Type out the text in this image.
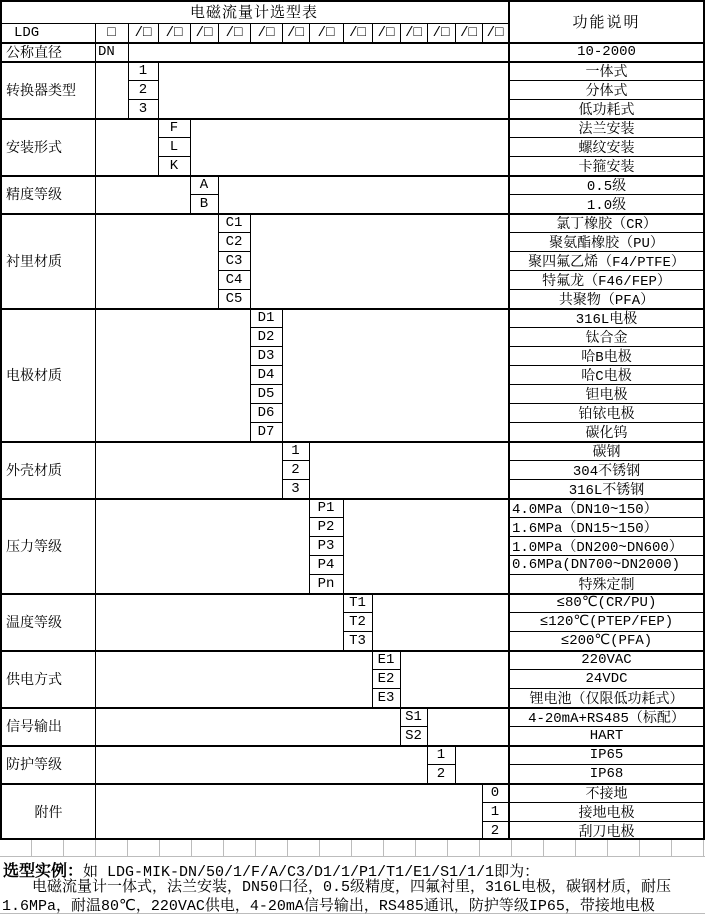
LDG	□	/□	/□ /□ /□	/□ /□ /□	/□ /□ /□ /□ /□ /□
公称直径	DN	10-2000
转换器类型
1	一体式
2	分体式
3	低功耗式
安装形式
F	法兰安装
L	螺纹安装
K	卡箍安装
精度等级
A	0.5级
B	1.0级
衬里材质
C1	氯丁橡胶（CR）
C2	聚氨酯橡胶（PU）
C3	聚四氟乙烯（F4/PTFE）
C4	特氟龙（F46/FEP）
C5	共聚物（PFA）
电极材质
D1	316L电极
D2	钛合金
D3	哈B电极
D4	哈C电极
D5	钽电极
D6	铂铱电极
D7	碳化钨
外壳材质
1	碳钢
2	304不锈钢
3	316L不锈钢
压力等级
P1	4.0MPa（DN10~150）
P2	1.6MPa（DN15~150）
P3	1.0MPa（DN200~DN600）
P4	0.6MPa(DN700~DN2000)
Pn	特殊定制
温度等级
T1	≤80℃(CR/PU)
T2	≤120℃(PTEP/FEP)
T3	≤200℃(PFA)
供电方式
E1	220VAC
E2	24VDC
E3	锂电池（仅限低功耗式）
信号输出
S1	4-20mA+RS485（标配）
S2	HART
防护等级
1	IP65
2	IP68
附件
0	不接地
1	接地电极
2	刮刀电极
电磁流量计选型表
功能说明
选型实例：如 LDG-MIK-DN/50/1/F/A/C3/D1/1/P1/T1/E1/S1/1/1即为：
电磁流量计一体式，法兰安装，DN50口径，0.5级精度，四氟衬里，316L电极，碳钢材质，耐压
1.6MPa，耐温80℃，220VAC供电，4-20mA信号输出，RS485通讯，防护等级IP65，带接地电极
